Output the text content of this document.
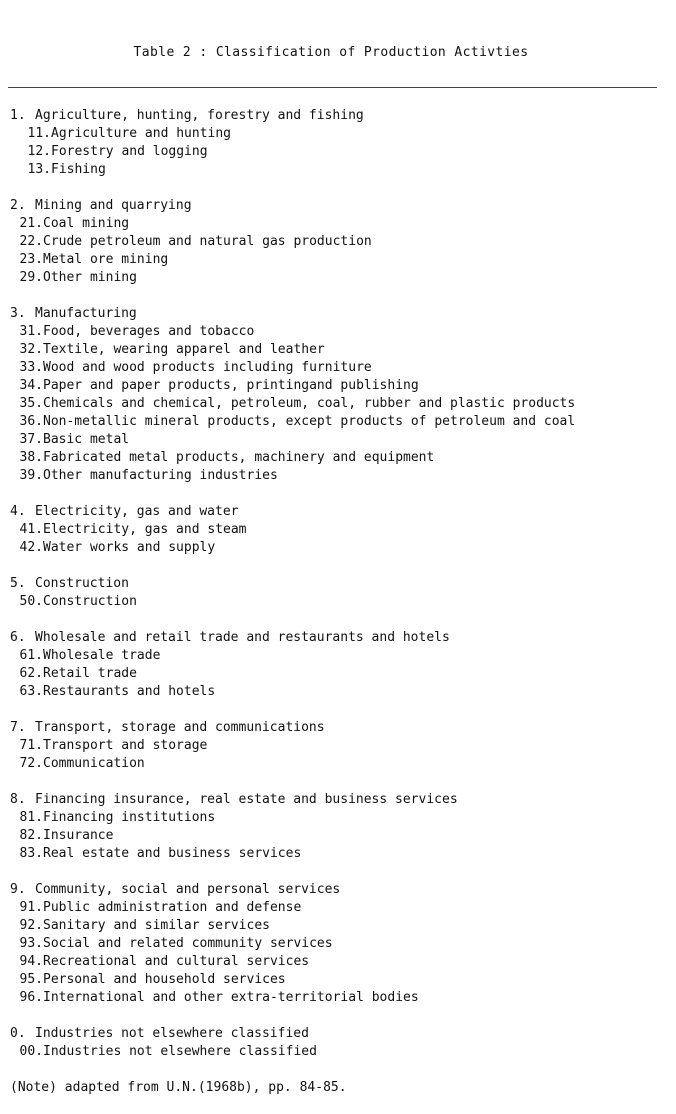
Table 2 : Classification of Production Activties
1. Agriculture, hunting, forestry and fishing
11.Agriculture and hunting
12.Forestry and logging
13.Fishing
2. Mining and quarrying
21.Coal mining
22.Crude petroleum and natural gas production
23.Metal ore mining
29.Other mining
3. Manufacturing
31.Food, beverages and tobacco
32.Textile, wearing apparel and leather
33.Wood and wood products including furniture
34.Paper and paper products, printingand publishing
35.Chemicals and chemical, petroleum, coal, rubber and plastic products
36.Non-metallic mineral products, except products of petroleum and coal
37.Basic metal
38.Fabricated metal products, machinery and equipment
39.Other manufacturing industries
4. Electricity, gas and water
41.Electricity, gas and steam
42.Water works and supply
5. Construction
50.Construction
6. Wholesale and retail trade and restaurants and hotels
61.Wholesale trade
62.Retail trade
63.Restaurants and hotels
7. Transport, storage and communications
71.Transport and storage
72.Communication
8. Financing insurance, real estate and business services
81.Financing institutions
82.Insurance
83.Real estate and business services
9. Community, social and personal services
91.Public administration and defense
92.Sanitary and similar services
93.Social and related community services
94.Recreational and cultural services
95.Personal and household services
96.International and other extra-territorial bodies
0. Industries not elsewhere classified
00.Industries not elsewhere classified
(Note) adapted from U.N.(1968b), pp. 84-85.
